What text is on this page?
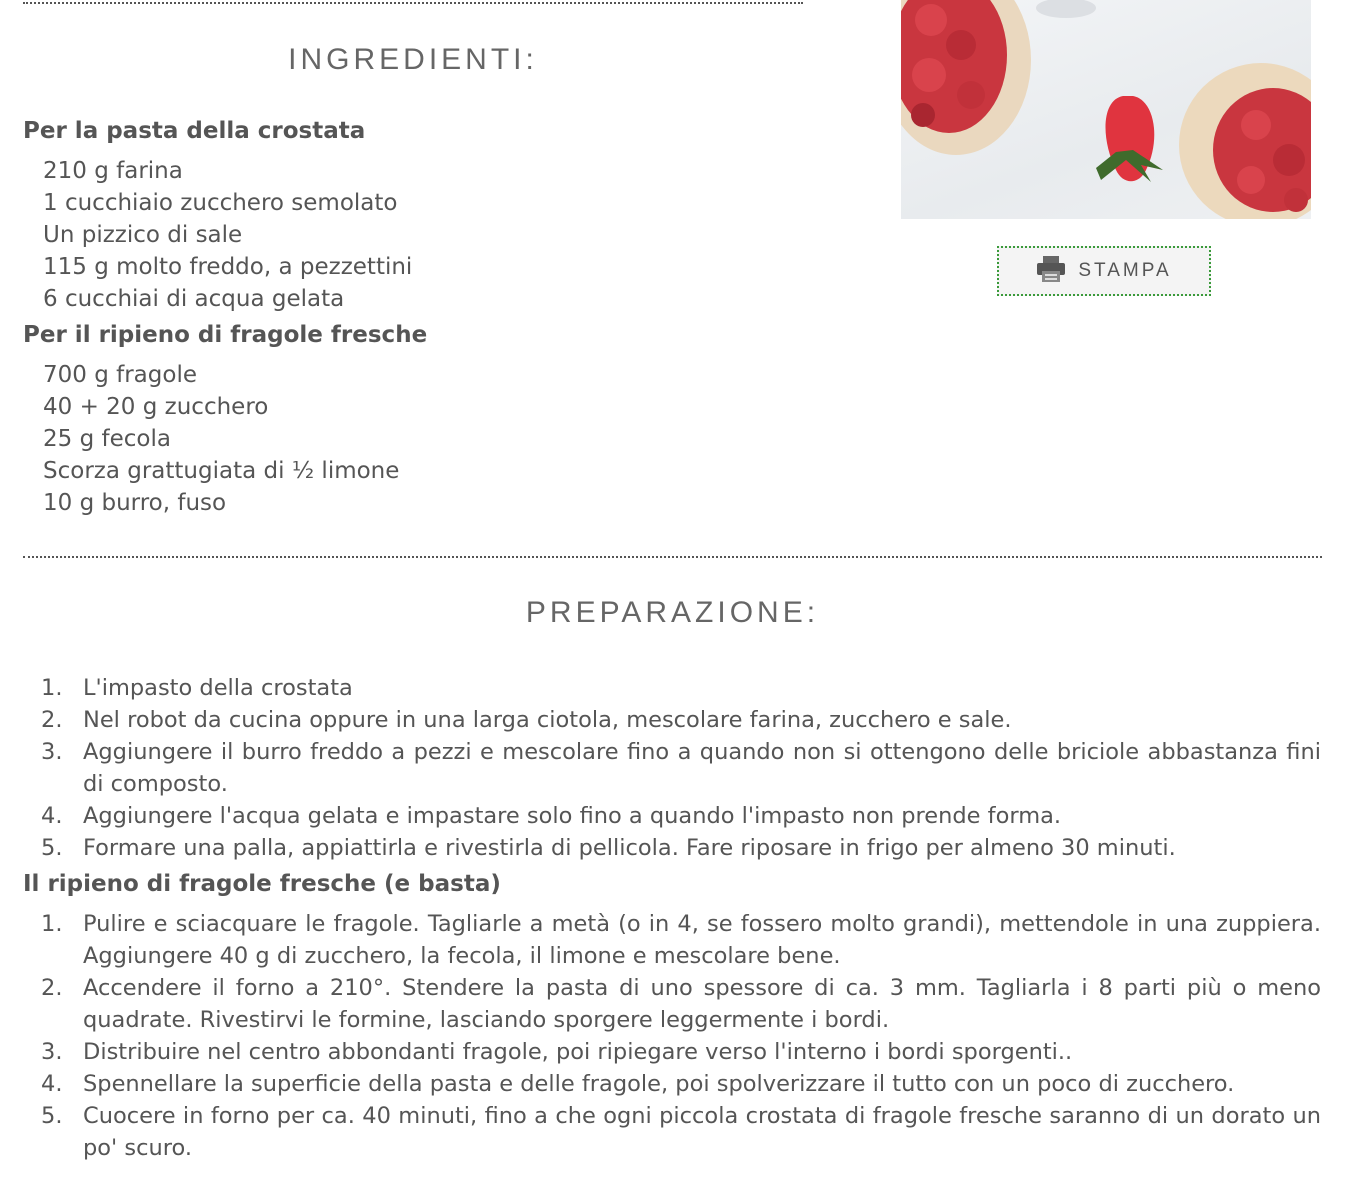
INGREDIENTI:
Per la pasta della crostata
210 g farina
1 cucchiaio zucchero semolato
Un pizzico di sale
115 g molto freddo, a pezzettini
6 cucchiai di acqua gelata
Per il ripieno di fragole fresche
700 g fragole
40 + 20 g zucchero
25 g fecola
Scorza grattugiata di ½ limone
10 g burro, fuso
STAMPA
PREPARAZIONE:
1. L'impasto della crostata
2. Nel robot da cucina oppure in una larga ciotola, mescolare farina, zucchero e sale.
3. Aggiungere il burro freddo a pezzi e mescolare fino a quando non si ottengono delle briciole abbastanza fini di composto.
4. Aggiungere l'acqua gelata e impastare solo fino a quando l'impasto non prende forma.
5. Formare una palla, appiattirla e rivestirla di pellicola. Fare riposare in frigo per almeno 30 minuti.
Il ripieno di fragole fresche (e basta)
1. Pulire e sciacquare le fragole. Tagliarle a metà (o in 4, se fossero molto grandi), mettendole in una zuppiera. Aggiungere 40 g di zucchero, la fecola, il limone e mescolare bene.
2. Accendere il forno a 210°. Stendere la pasta di uno spessore di ca. 3 mm. Tagliarla i 8 parti più o meno quadrate. Rivestirvi le formine, lasciando sporgere leggermente i bordi.
3. Distribuire nel centro abbondanti fragole, poi ripiegare verso l'interno i bordi sporgenti..
4. Spennellare la superficie della pasta e delle fragole, poi spolverizzare il tutto con un poco di zucchero.
5. Cuocere in forno per ca. 40 minuti, fino a che ogni piccola crostata di fragole fresche saranno di un dorato un po' scuro.
